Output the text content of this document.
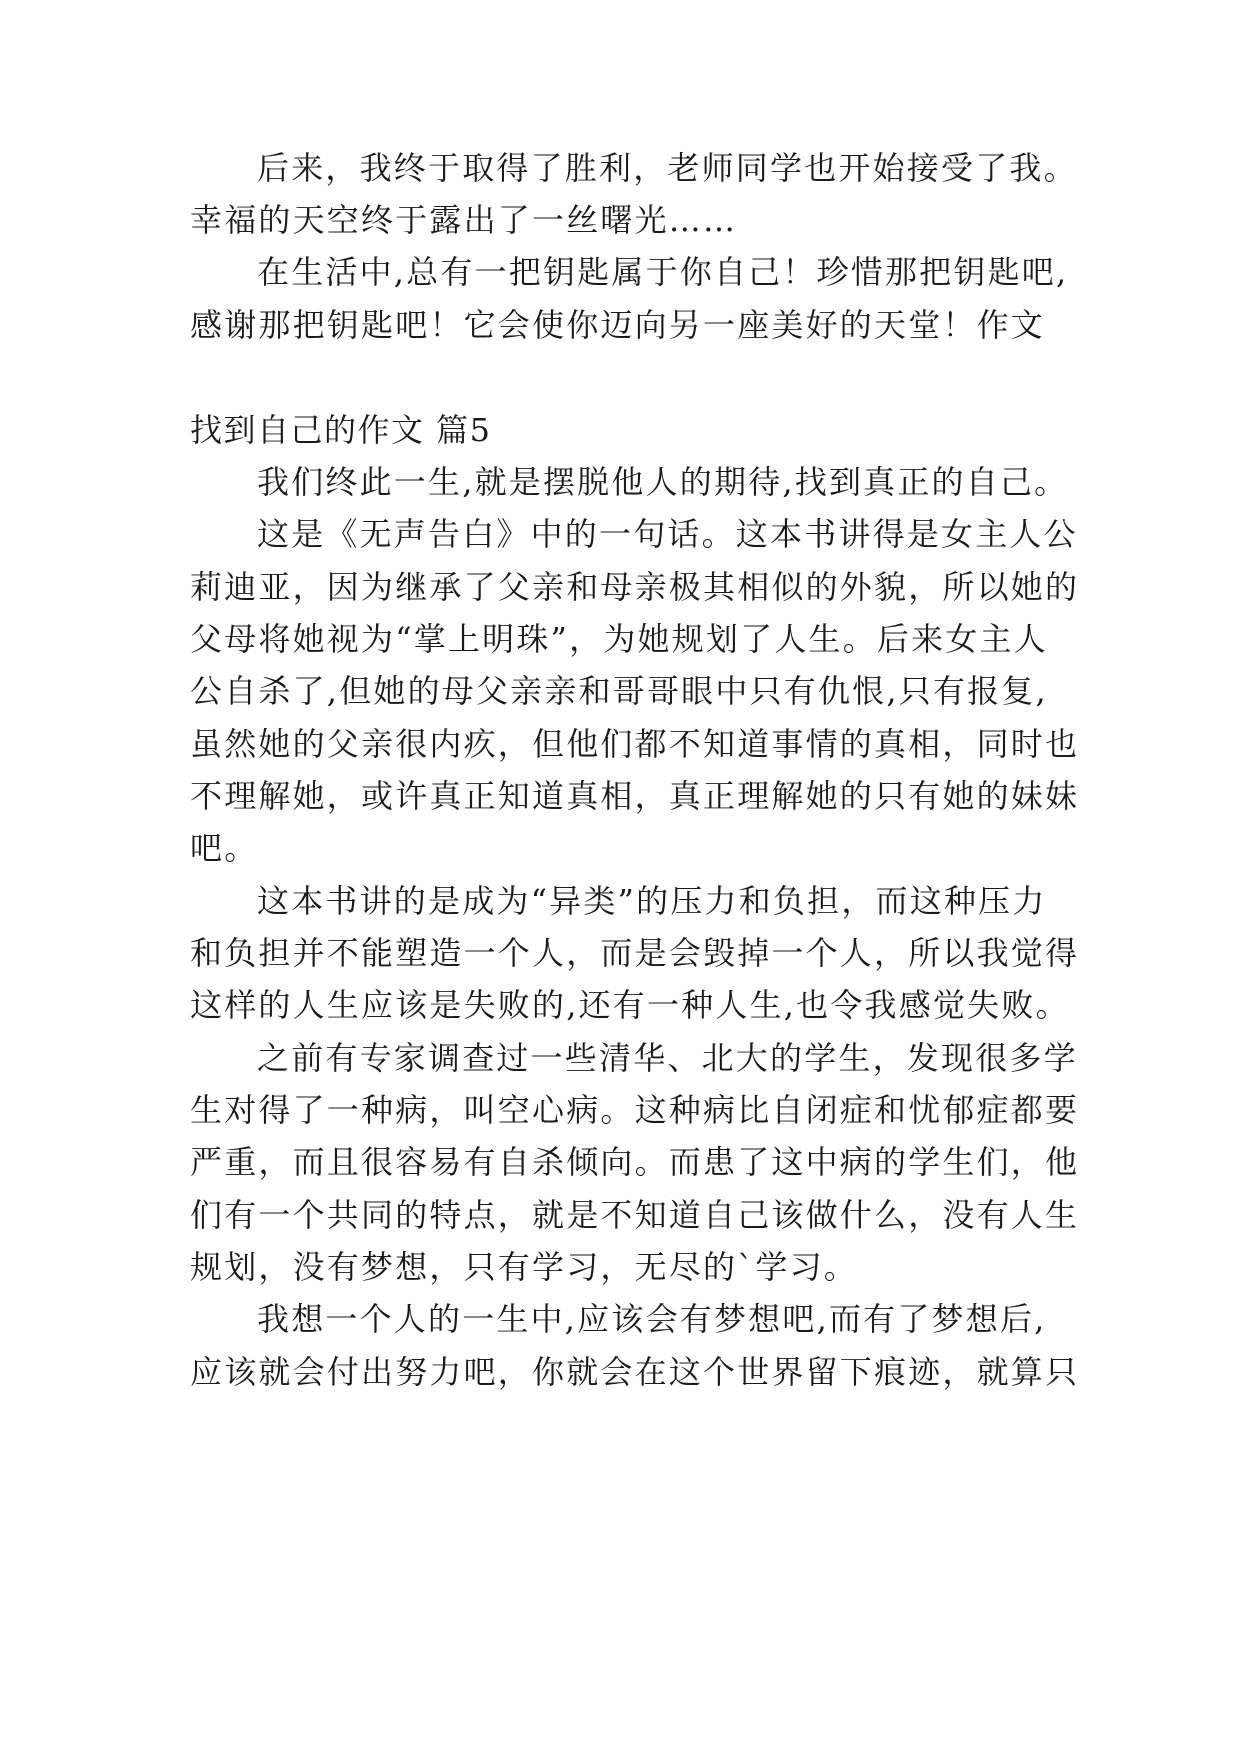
后来，我终于取得了胜利，老师同学也开始接受了我。
幸福的天空终于露出了一丝曙光……
在生活中,总有一把钥匙属于你自己！珍惜那把钥匙吧,
感谢那把钥匙吧！它会使你迈向另一座美好的天堂！作文
找到自己的作文 篇5
我们终此一生,就是摆脱他人的期待,找到真正的自己。
这是《无声告白》中的一句话。这本书讲得是女主人公
莉迪亚，因为继承了父亲和母亲极其相似的外貌，所以她的
父母将她视为“掌上明珠”，为她规划了人生。后来女主人
公自杀了,但她的母父亲亲和哥哥眼中只有仇恨,只有报复,
虽然她的父亲很内疚，但他们都不知道事情的真相，同时也
不理解她，或许真正知道真相，真正理解她的只有她的妹妹
吧。
这本书讲的是成为“异类”的压力和负担，而这种压力
和负担并不能塑造一个人，而是会毁掉一个人，所以我觉得
这样的人生应该是失败的,还有一种人生,也令我感觉失败。
之前有专家调查过一些清华、北大的学生，发现很多学
生对得了一种病，叫空心病。这种病比自闭症和忧郁症都要
严重，而且很容易有自杀倾向。而患了这中病的学生们，他
们有一个共同的特点，就是不知道自己该做什么，没有人生
规划，没有梦想，只有学习，无尽的`学习。
我想一个人的一生中,应该会有梦想吧,而有了梦想后,
应该就会付出努力吧，你就会在这个世界留下痕迹，就算只
